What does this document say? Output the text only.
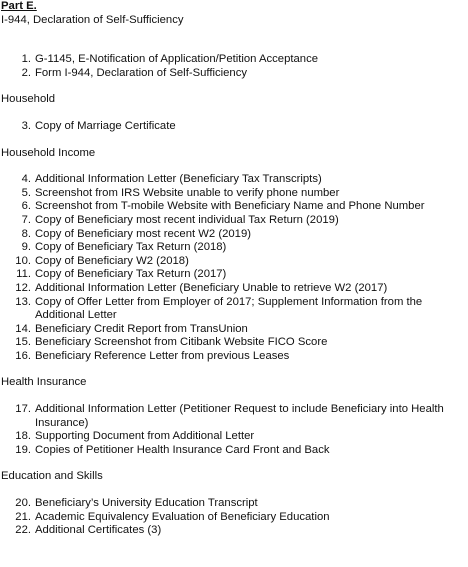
Part E.

I-944, Declaration of Self-Sufficiency

1. G-1145, E-Notification of Application/Petition Acceptance
2. Form I-944, Declaration of Self-Sufficiency

Household

3. Copy of Marriage Certificate

Household Income

4. Additional Information Letter (Beneficiary Tax Transcripts)
5. Screenshot from IRS Website unable to verify phone number
6. Screenshot from T-mobile Website with Beneficiary Name and Phone Number
7. Copy of Beneficiary most recent individual Tax Return (2019)
8. Copy of Beneficiary most recent W2 (2019)
9. Copy of Beneficiary Tax Return (2018)
10. Copy of Beneficiary W2 (2018)
11. Copy of Beneficiary Tax Return (2017)
12. Additional Information Letter (Beneficiary Unable to retrieve W2 (2017)
13. Copy of Offer Letter from Employer of 2017; Supplement Information from the Additional Letter
14. Beneficiary Credit Report from TransUnion
15. Beneficiary Screenshot from Citibank Website FICO Score
16. Beneficiary Reference Letter from previous Leases

Health Insurance

17. Additional Information Letter (Petitioner Request to include Beneficiary into Health Insurance)
18. Supporting Document from Additional Letter
19. Copies of Petitioner Health Insurance Card Front and Back

Education and Skills

20. Beneficiary’s University Education Transcript
21. Academic Equivalency Evaluation of Beneficiary Education
22. Additional Certificates (3)
